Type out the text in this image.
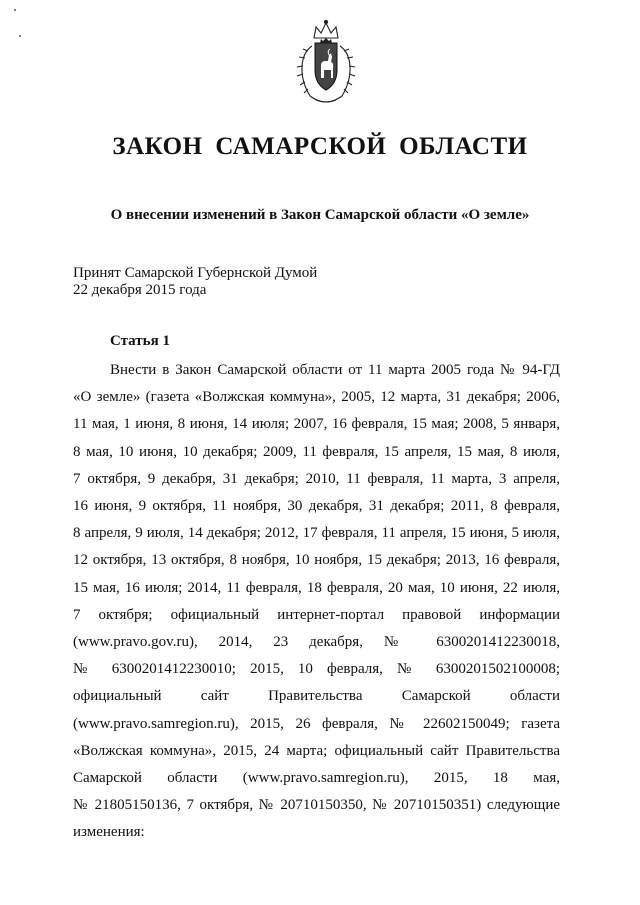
ЗАКОН САМАРСКОЙ ОБЛАСТИ
О внесении изменений в Закон Самарской области «О земле»
Принят Самарской Губернской Думой
22 декабря 2015 года
Статья 1
Внести в Закон Самарской области от 11 марта 2005 года № 94-ГД
«О земле» (газета «Волжская коммуна», 2005, 12 марта, 31 декабря; 2006,
11 мая, 1 июня, 8 июня, 14 июля; 2007, 16 февраля, 15 мая; 2008, 5 января,
8 мая, 10 июня, 10 декабря; 2009, 11 февраля, 15 апреля, 15 мая, 8 июля,
7 октября, 9 декабря, 31 декабря; 2010, 11 февраля, 11 марта, 3 апреля,
16 июня, 9 октября, 11 ноября, 30 декабря, 31 декабря; 2011, 8 февраля,
8 апреля, 9 июля, 14 декабря; 2012, 17 февраля, 11 апреля, 15 июня, 5 июля,
12 октября, 13 октября, 8 ноября, 10 ноября, 15 декабря; 2013, 16 февраля,
15 мая, 16 июля; 2014, 11 февраля, 18 февраля, 20 мая, 10 июня, 22 июля,
7 октября; официальный интернет-портал правовой информации
(www.pravo.gov.ru), 2014, 23 декабря, № 6300201412230018,
№ 6300201412230010; 2015, 10 февраля, № 6300201502100008;
официальный сайт Правительства Самарской области
(www.pravo.samregion.ru), 2015, 26 февраля, № 22602150049; газета
«Волжская коммуна», 2015, 24 марта; официальный сайт Правительства
Самарской области (www.pravo.samregion.ru), 2015, 18 мая,
№ 21805150136, 7 октября, № 20710150350, № 20710150351) следующие
изменения:
